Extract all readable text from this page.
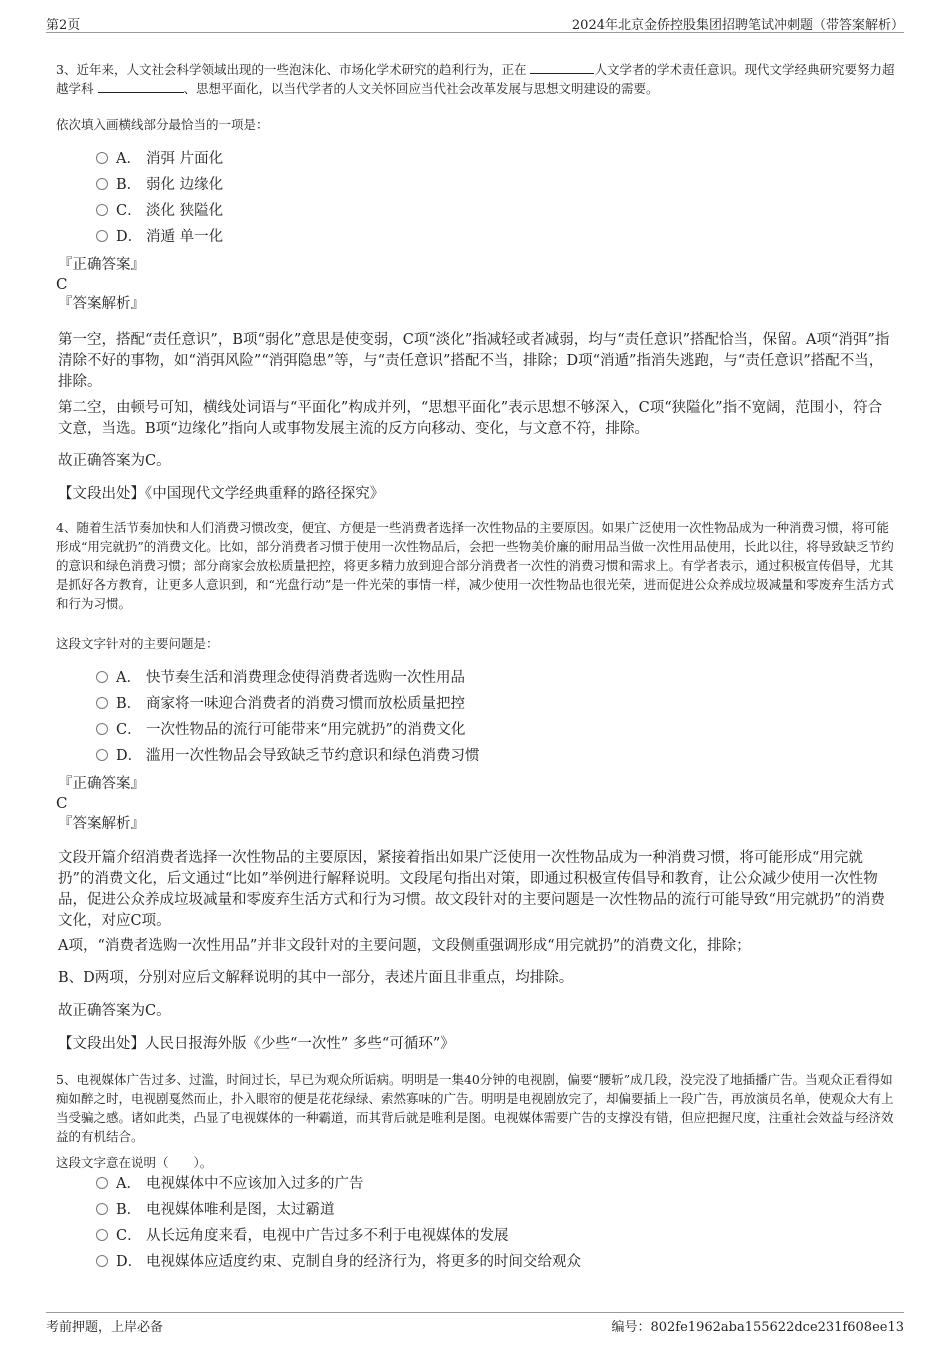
第2页	2024年北京金侨控股集团招聘笔试冲刺题（带答案解析）
3、近年来，人文社会科学领域出现的一些泡沫化、市场化学术研究的趋利行为，正在	人文学者的学术责任意识。现代文学经典研究要努力超越学科	、思想平面化，以当代学者的人文关怀回应当代社会改革发展与思想文明建设的需要。
依次填入画横线部分最恰当的一项是：
A． 消弭 片面化
B． 弱化 边缘化
C． 淡化 狭隘化
D． 消遁 单一化
『正确答案』
C
『答案解析』
第一空，搭配“责任意识”，B项“弱化”意思是使变弱，C项“淡化”指减轻或者减弱，均与“责任意识”搭配恰当，保留。A项“消弭”指清除不好的事物，如“消弭风险”“消弭隐患”等，与“责任意识”搭配不当，排除；D项“消遁”指消失逃跑，与“责任意识”搭配不当，排除。
第二空，由顿号可知，横线处词语与“平面化”构成并列，“思想平面化”表示思想不够深入，C项“狭隘化”指不宽阔，范围小，符合文意，当选。B项“边缘化”指向人或事物发展主流的反方向移动、变化，与文意不符，排除。
故正确答案为C。
【文段出处】《中国现代文学经典重释的路径探究》
4、随着生活节奏加快和人们消费习惯改变，便宜、方便是一些消费者选择一次性物品的主要原因。如果广泛使用一次性物品成为一种消费习惯，将可能形成“用完就扔”的消费文化。比如，部分消费者习惯于使用一次性物品后，会把一些物美价廉的耐用品当做一次性用品使用，长此以往，将导致缺乏节约的意识和绿色消费习惯；部分商家会放松质量把控，将更多精力放到迎合部分消费者一次性的消费习惯和需求上。有学者表示，通过积极宣传倡导，尤其是抓好各方教育，让更多人意识到，和“光盘行动”是一件光荣的事情一样，减少使用一次性物品也很光荣，进而促进公众养成垃圾减量和零废弃生活方式和行为习惯。
这段文字针对的主要问题是：
A． 快节奏生活和消费理念使得消费者选购一次性用品
B． 商家将一味迎合消费者的消费习惯而放松质量把控
C． 一次性物品的流行可能带来“用完就扔”的消费文化
D． 滥用一次性物品会导致缺乏节约意识和绿色消费习惯
『正确答案』
C
『答案解析』
文段开篇介绍消费者选择一次性物品的主要原因，紧接着指出如果广泛使用一次性物品成为一种消费习惯，将可能形成“用完就扔”的消费文化，后文通过“比如”举例进行解释说明。文段尾句指出对策，即通过积极宣传倡导和教育，让公众减少使用一次性物品，促进公众养成垃圾减量和零废弃生活方式和行为习惯。故文段针对的主要问题是一次性物品的流行可能导致“用完就扔”的消费文化，对应C项。
A项，“消费者选购一次性用品”并非文段针对的主要问题，文段侧重强调形成“用完就扔”的消费文化，排除；
B、D两项，分别对应后文解释说明的其中一部分，表述片面且非重点，均排除。
故正确答案为C。
【文段出处】人民日报海外版《少些“一次性” 多些“可循环”》
5、电视媒体广告过多、过滥，时间过长，早已为观众所诟病。明明是一集40分钟的电视剧，偏要“腰斩”成几段，没完没了地插播广告。当观众正看得如痴如醉之时，电视剧戛然而止，扑入眼帘的便是花花绿绿、索然寡味的广告。明明是电视剧放完了，却偏要插上一段广告，再放演员名单，使观众大有上当受骗之感。诸如此类，凸显了电视媒体的一种霸道，而其背后就是唯利是图。电视媒体需要广告的支撑没有错，但应把握尺度，注重社会效益与经济效益的有机结合。
这段文字意在说明（　　）。
A． 电视媒体中不应该加入过多的广告
B． 电视媒体唯利是图，太过霸道
C． 从长远角度来看，电视中广告过多不利于电视媒体的发展
D． 电视媒体应适度约束、克制自身的经济行为，将更多的时间交给观众
考前押题，上岸必备	编号：802fe1962aba155622dce231f608ee13
